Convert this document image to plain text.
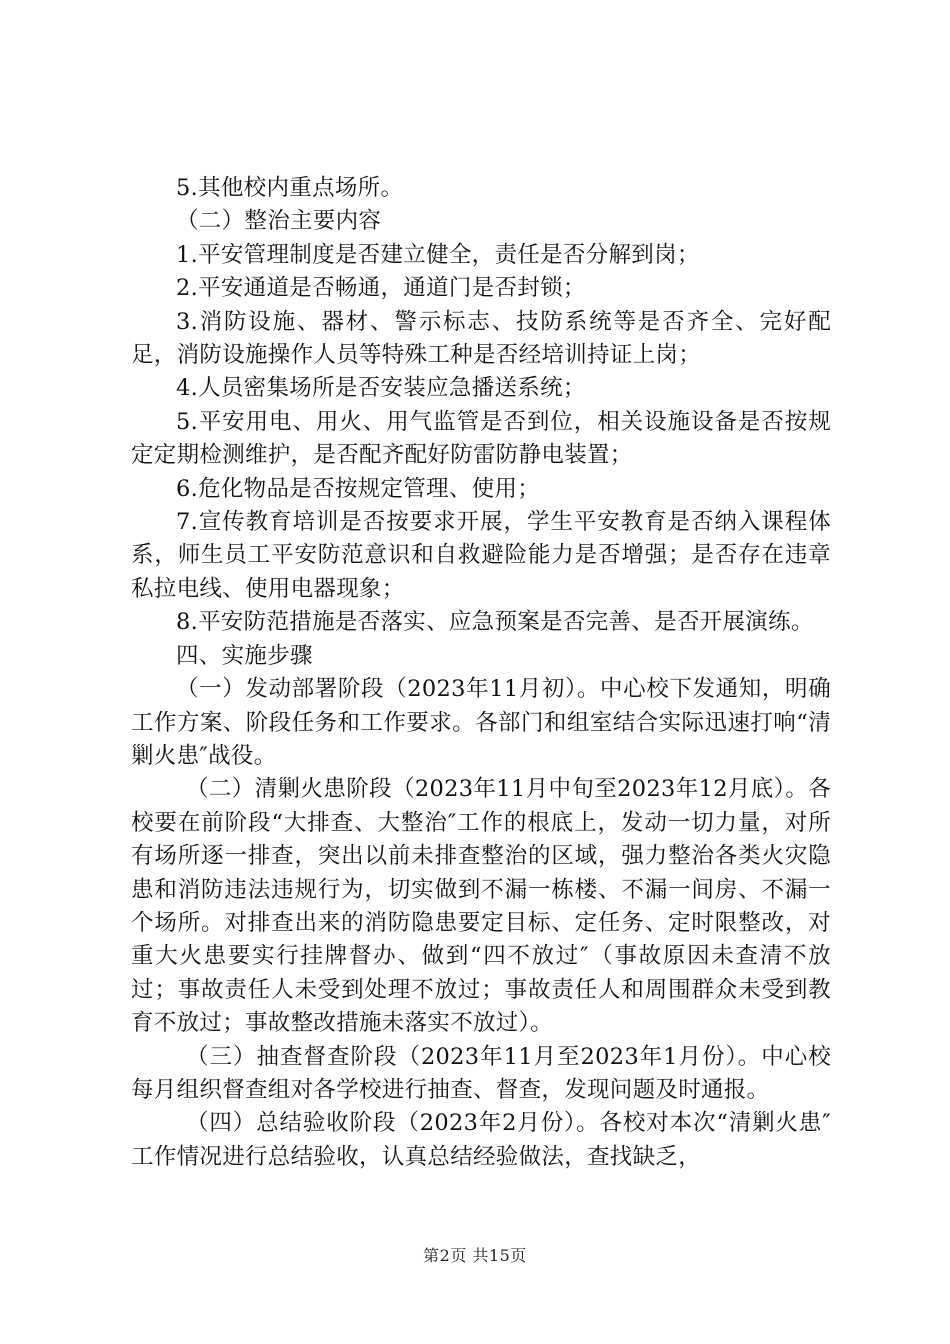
5.其他校内重点场所。

（二）整治主要内容

1.平安管理制度是否建立健全，责任是否分解到岗；

2.平安通道是否畅通，通道门是否封锁；

3.消防设施、器材、警示标志、技防系统等是否齐全、完好配足，消防设施操作人员等特殊工种是否经培训持证上岗；

4.人员密集场所是否安装应急播送系统；

5.平安用电、用火、用气监管是否到位，相关设施设备是否按规定定期检测维护，是否配齐配好防雷防静电装置；

6.危化物品是否按规定管理、使用；

7.宣传教育培训是否按要求开展，学生平安教育是否纳入课程体系，师生员工平安防范意识和自救避险能力是否增强；是否存在违章私拉电线、使用电器现象；

8.平安防范措施是否落实、应急预案是否完善、是否开展演练。

四、实施步骤

（一）发动部署阶段（2023年11月初）。中心校下发通知，明确工作方案、阶段任务和工作要求。各部门和组室结合实际迅速打响“清剿火患″战役。

（二）清剿火患阶段（2023年11月中旬至2023年12月底）。各校要在前阶段“大排查、大整治″工作的根底上，发动一切力量，对所有场所逐一排查，突出以前未排查整治的区域，强力整治各类火灾隐患和消防违法违规行为，切实做到不漏一栋楼、不漏一间房、不漏一个场所。对排查出来的消防隐患要定目标、定任务、定时限整改，对重大火患要实行挂牌督办、做到“四不放过″（事故原因未查清不放过；事故责任人未受到处理不放过；事故责任人和周围群众未受到教育不放过；事故整改措施未落实不放过）。

（三）抽查督查阶段（2023年11月至2023年1月份）。中心校每月组织督查组对各学校进行抽查、督查，发现问题及时通报。

（四）总结验收阶段（2023年2月份）。各校对本次“清剿火患″工作情况进行总结验收，认真总结经验做法，查找缺乏，

第2页 共15页
